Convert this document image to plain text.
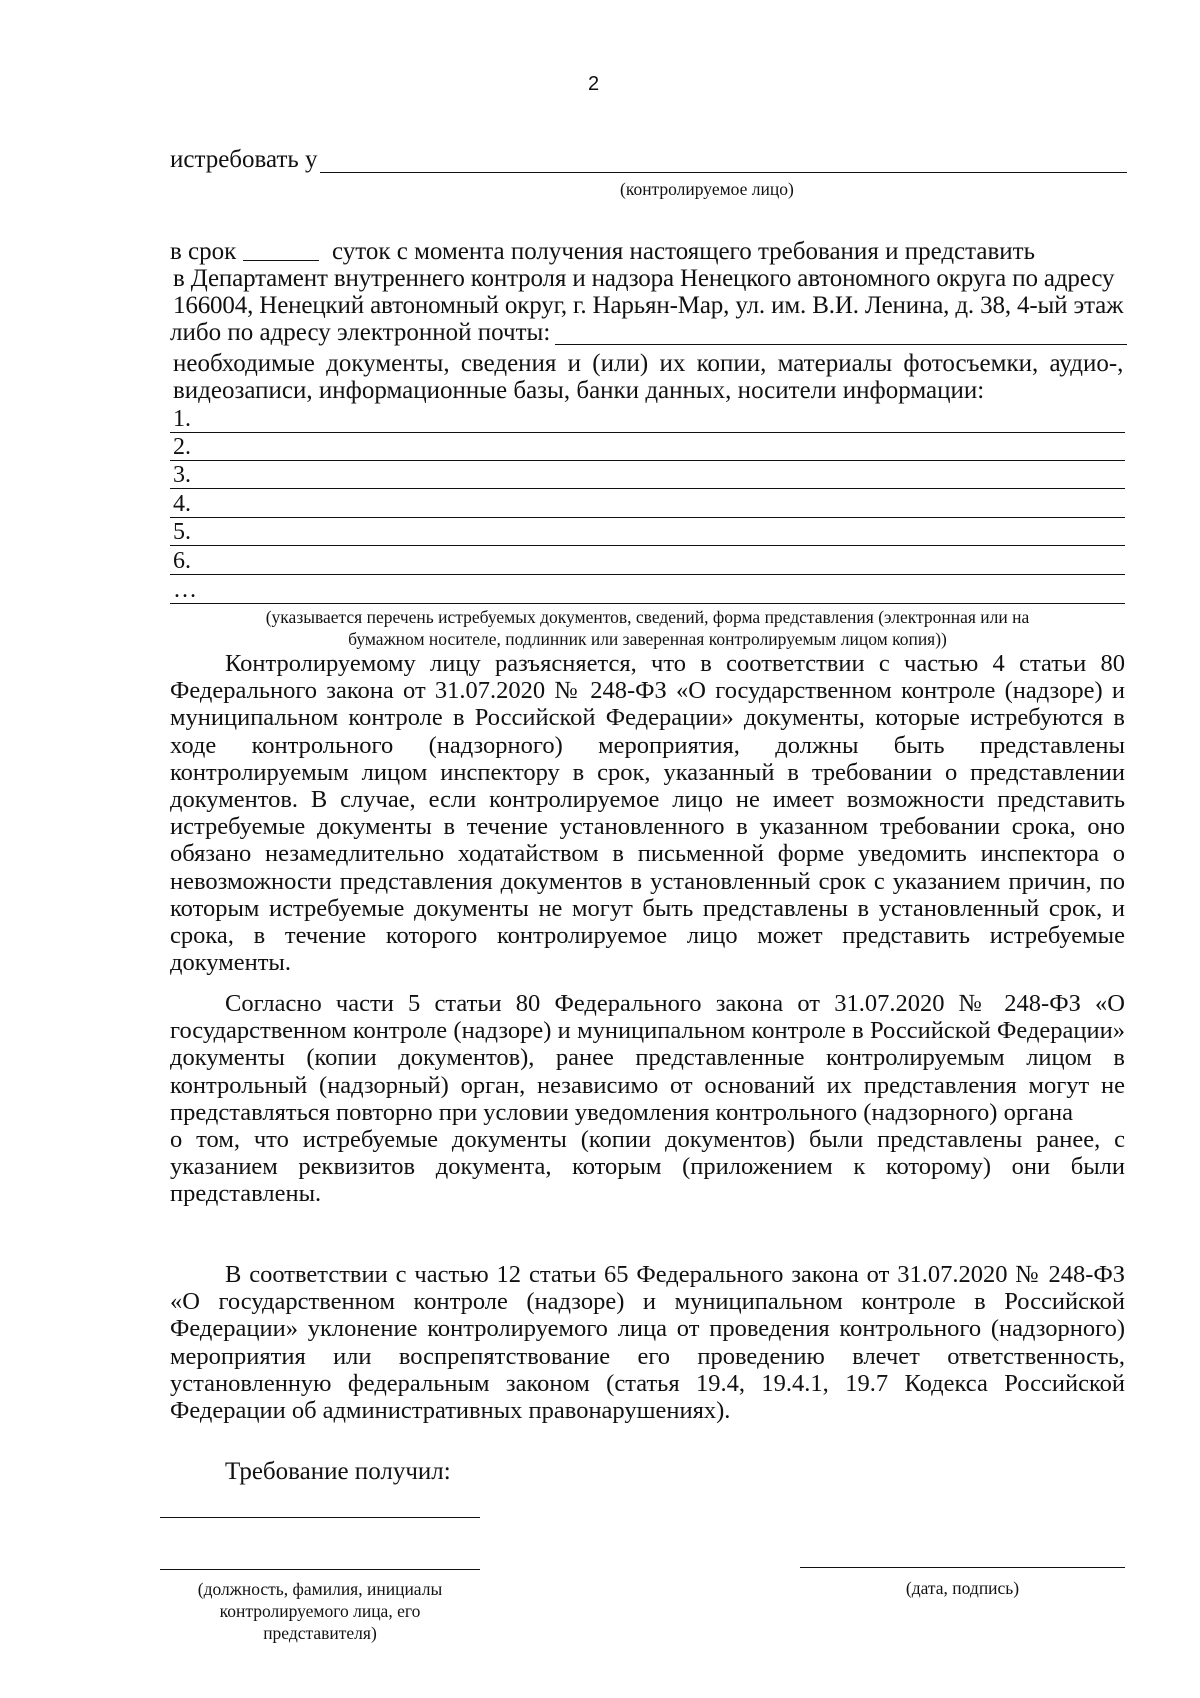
2
истребовать у
(контролируемое лицо)
в срок	суток с момента получения настоящего требования и представить
в Департамент внутреннего контроля и надзора Ненецкого автономного округа по адресу
166004, Ненецкий автономный округ, г. Нарьян-Мар, ул. им. В.И. Ленина, д. 38, 4-ый этаж
либо по адресу электронной почты:
необходимые документы, сведения и (или) их копии, материалы фотосъемки, аудио-,
видеозаписи, информационные базы, банки данных, носители информации:
1.
2.
3.
4.
5.
6.
…
(указывается перечень истребуемых документов, сведений, форма представления (электронная или на
бумажном носителе, подлинник или заверенная контролируемым лицом копия))

Контролируемому лицу разъясняется, что в соответствии с частью 4 статьи 80 Федерального закона от 31.07.2020 № 248-ФЗ «О государственном контроле (надзоре) и муниципальном контроле в Российской Федерации» документы, которые истребуются в ходе контрольного (надзорного) мероприятия, должны быть представлены контролируемым лицом инспектору в срок, указанный в требовании о представлении документов. В случае, если контролируемое лицо не имеет возможности представить истребуемые документы в течение установленного в указанном требовании срока, оно обязано незамедлительно ходатайством в письменной форме уведомить инспектора о невозможности представления документов в установленный срок с указанием причин, по которым истребуемые документы не могут быть представлены в установленный срок, и срока, в течение которого контролируемое лицо может представить истребуемые документы.

Согласно части 5 статьи 80 Федерального закона от 31.07.2020 № 248-ФЗ «О государственном контроле (надзоре) и муниципальном контроле в Российской Федерации» документы (копии документов), ранее представленные контролируемым лицом в контрольный (надзорный) орган, независимо от оснований их представления могут не представляться повторно при условии уведомления контрольного (надзорного) органа

о том, что истребуемые документы (копии документов) были представлены ранее, с указанием реквизитов документа, которым (приложением к которому) они были представлены.

В соответствии с частью 12 статьи 65 Федерального закона от 31.07.2020 № 248-ФЗ «О государственном контроле (надзоре) и муниципальном контроле в Российской Федерации» уклонение контролируемого лица от проведения контрольного (надзорного) мероприятия или воспрепятствование его проведению влечет ответственность, установленную федеральным законом (статья 19.4, 19.4.1, 19.7 Кодекса Российской Федерации об административных правонарушениях).

Требование получил:
(должность, фамилия, инициалы
контролируемого лица, его
представителя)
(дата, подпись)
